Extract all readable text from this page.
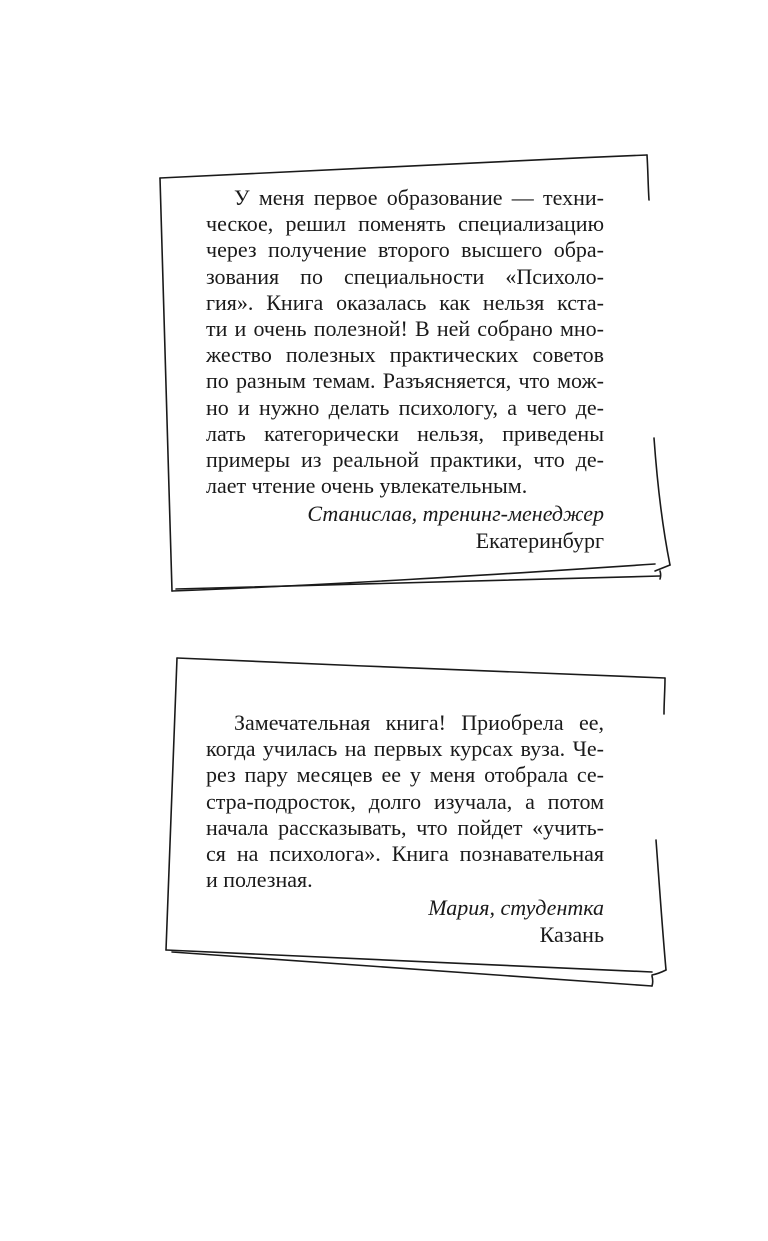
У меня первое образование — техни-
ческое, решил поменять специализацию
через получение второго высшего обра-
зования по специальности «Психоло-
гия». Книга оказалась как нельзя кста-
ти и очень полезной! В ней собрано мно-
жество полезных практических советов
по разным темам. Разъясняется, что мож-
но и нужно делать психологу, а чего де-
лать категорически нельзя, приведены
примеры из реальной практики, что де-
лает чтение очень увлекательным.

Станислав, тренинг-менеджер
Екатеринбург

Замечательная книга! Приобрела ее,
когда училась на первых курсах вуза. Че-
рез пару месяцев ее у меня отобрала се-
стра-подросток, долго изучала, а потом
начала рассказывать, что пойдет «учить-
ся на психолога». Книга познавательная
и полезная.

Мария, студентка
Казань
